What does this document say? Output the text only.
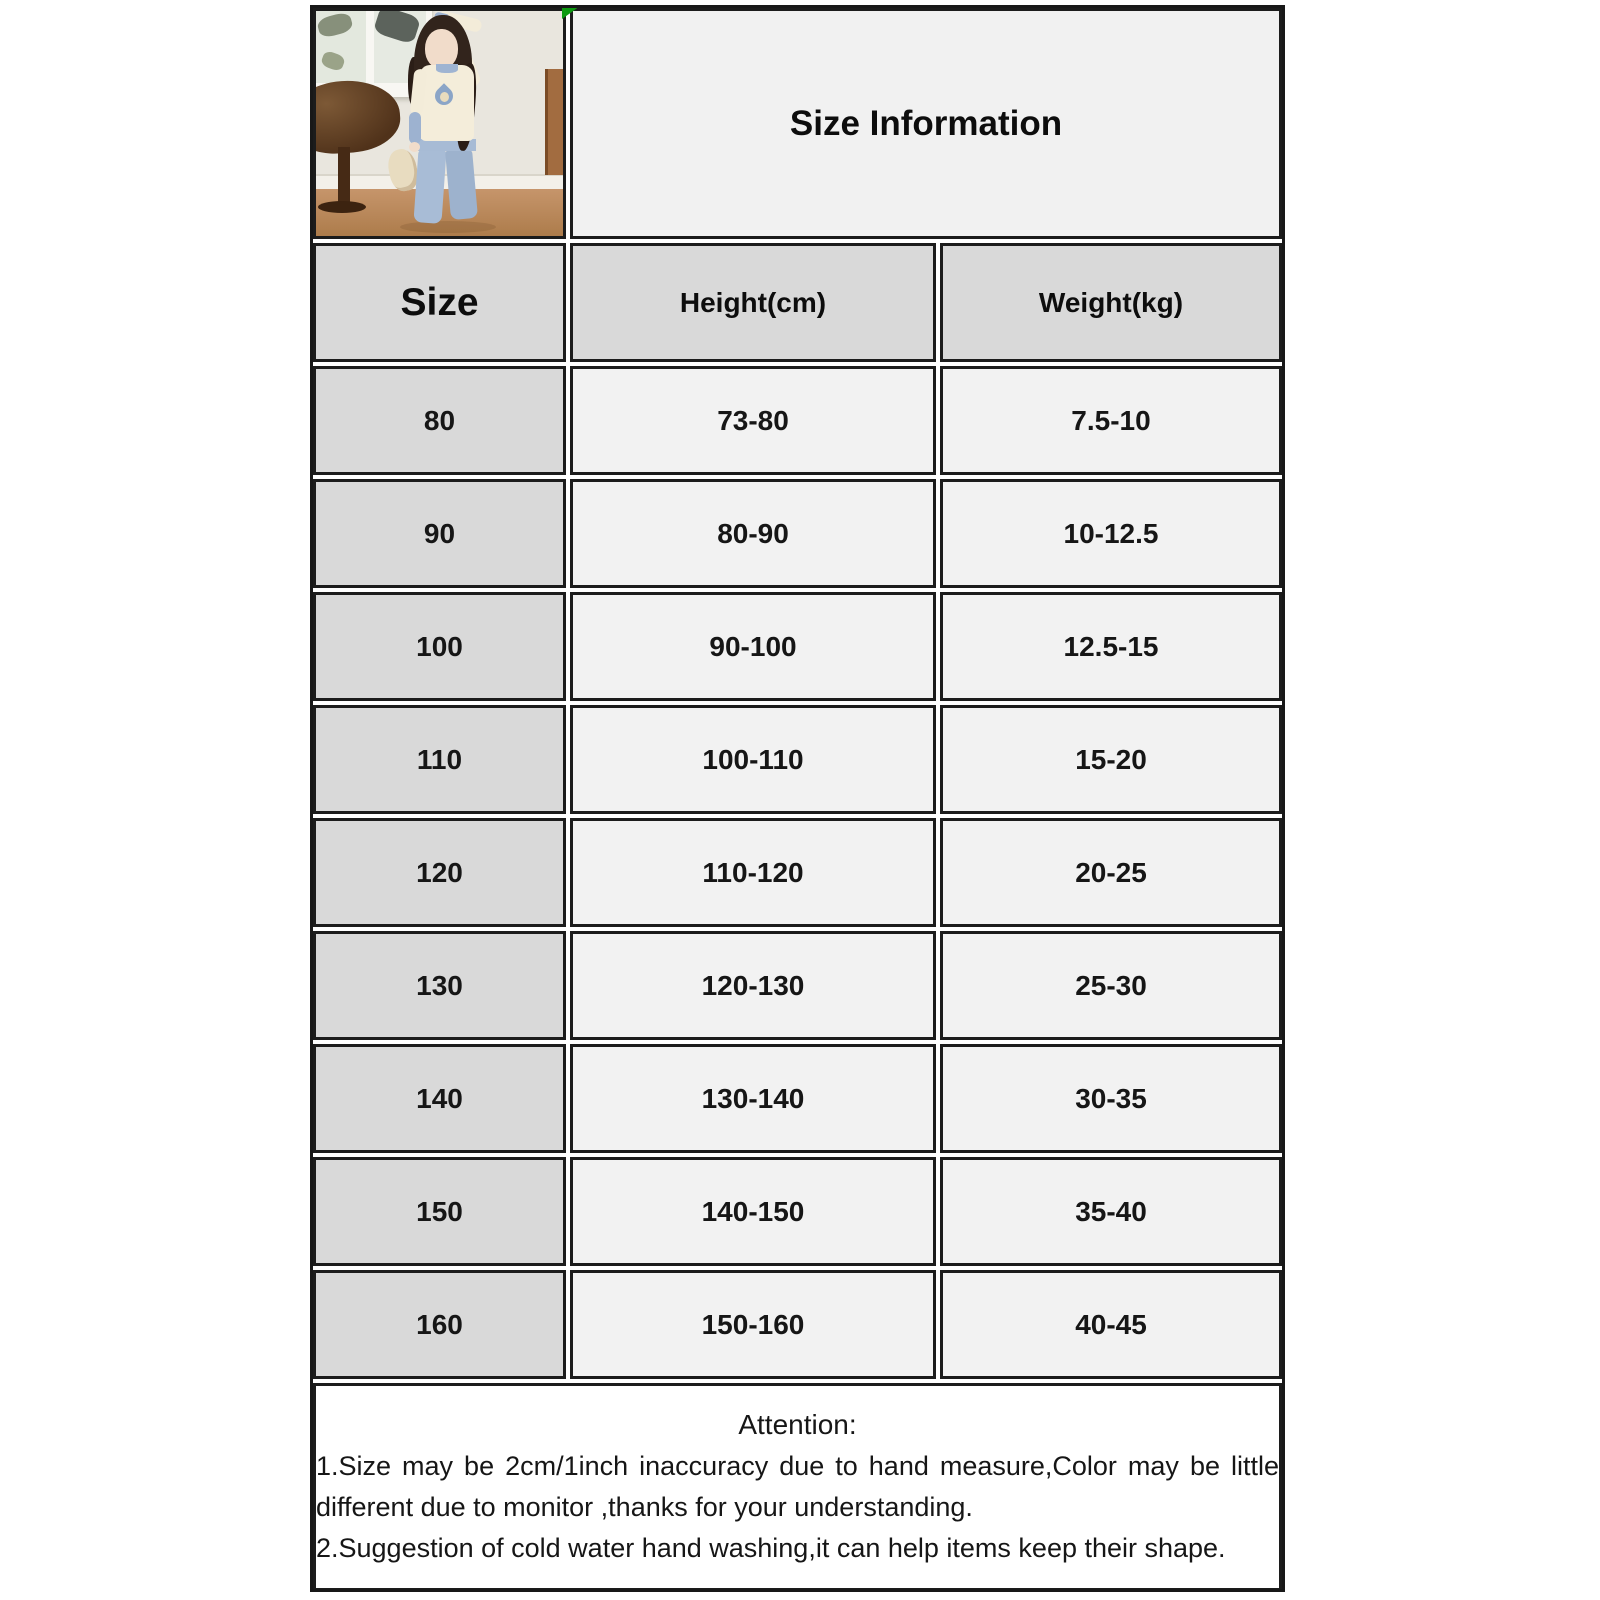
	Size Information	
Size	Height(cm)	Weight(kg)
80	73-80	7.5-10
90	80-90	10-12.5
100	90-100	12.5-15
110	100-110	15-20
120	110-120	20-25
130	120-130	25-30
140	130-140	30-35
150	140-150	35-40
160	150-160	40-45

Attention:

1.Size may be 2cm/1inch inaccuracy due to hand measure,Color may be little different due to monitor ,thanks for your understanding.

2.Suggestion of cold water hand washing,it can help items keep their shape.		
